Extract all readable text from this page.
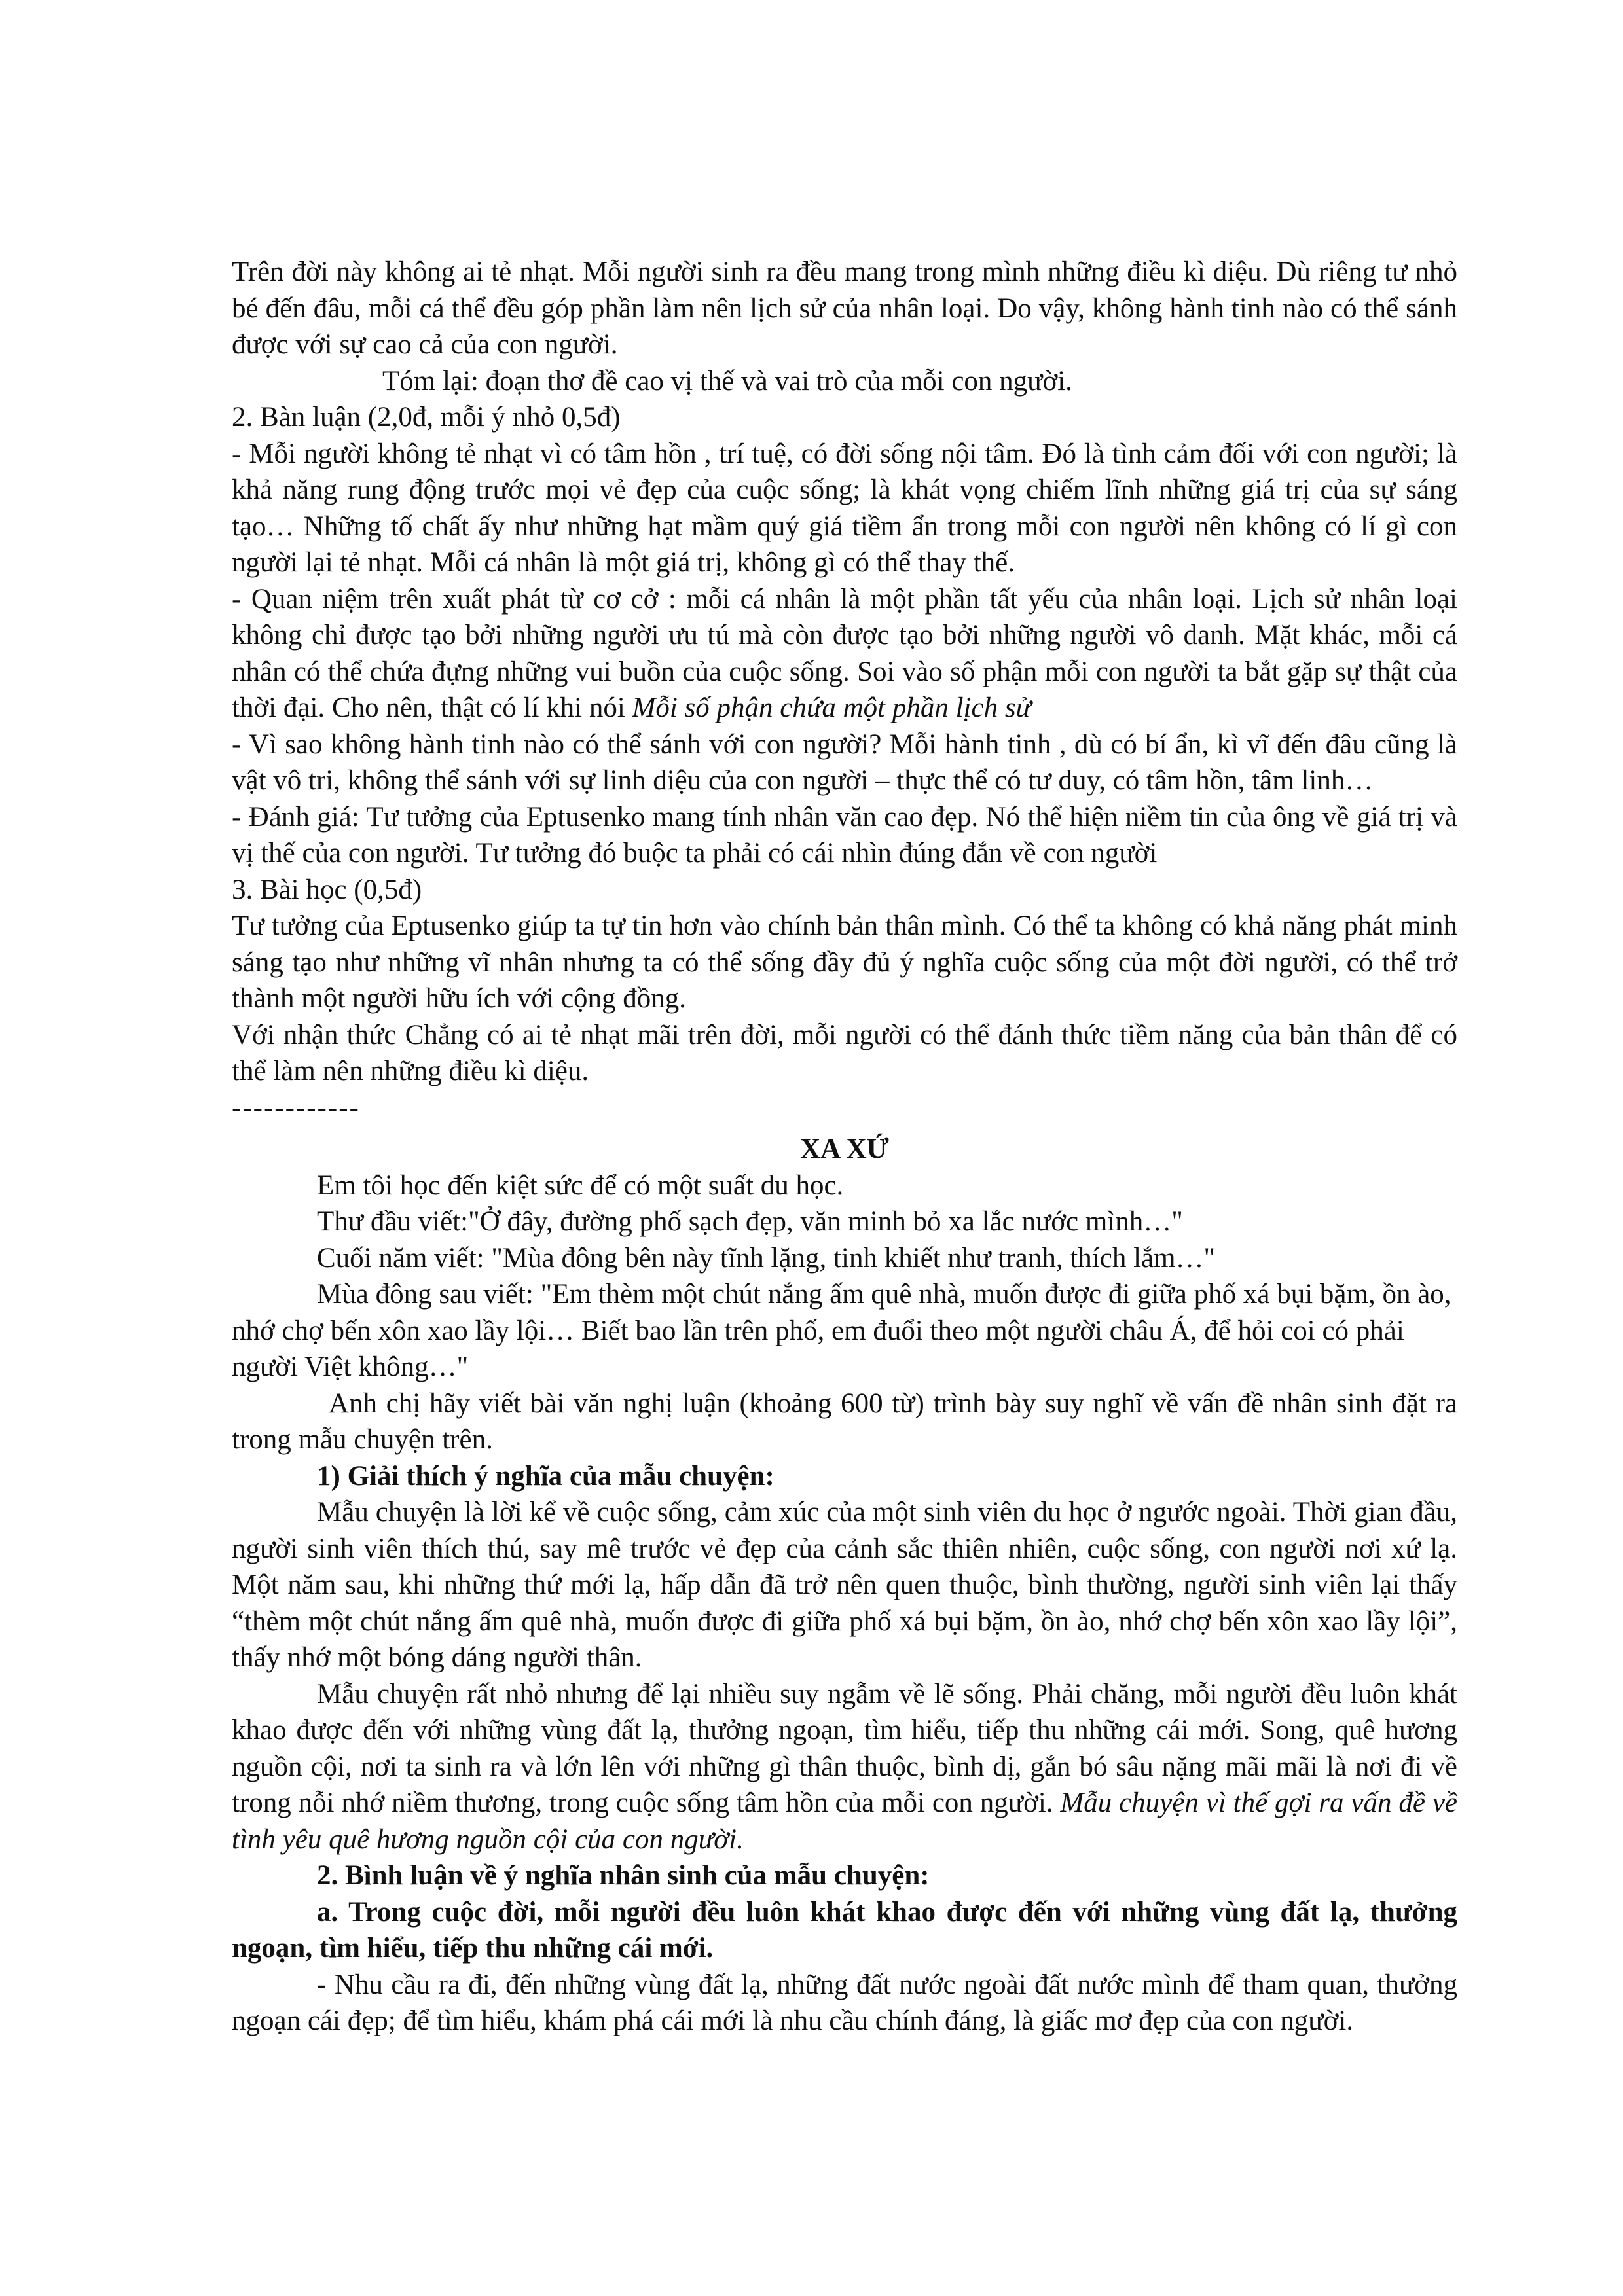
Trên đời này không ai tẻ nhạt. Mỗi người sinh ra đều mang trong mình những điều kì diệu. Dù riêng tư nhỏ bé đến đâu, mỗi cá thể đều góp phần làm nên lịch sử của nhân loại. Do vậy, không hành tinh nào có thể sánh được với sự cao cả của con người.

Tóm lại: đoạn thơ đề cao vị thế và vai trò của mỗi con người.

2. Bàn luận (2,0đ, mỗi ý nhỏ 0,5đ)

- Mỗi người không tẻ nhạt vì có tâm hồn , trí tuệ, có đời sống nội tâm. Đó là tình cảm đối với con người; là khả năng rung động trước mọi vẻ đẹp của cuộc sống; là khát vọng chiếm lĩnh những giá trị của sự sáng tạo… Những tố chất ấy như những hạt mầm quý giá tiềm ẩn trong mỗi con người nên không có lí gì con người lại tẻ nhạt. Mỗi cá nhân là một giá trị, không gì có thể thay thế.

- Quan niệm trên xuất phát từ cơ cở : mỗi cá nhân là một phần tất yếu của nhân loại. Lịch sử nhân loại không chỉ được tạo bởi những người ưu tú mà còn được tạo bởi những người vô danh. Mặt khác, mỗi cá nhân có thể chứa đựng những vui buồn của cuộc sống. Soi vào số phận mỗi con người ta bắt gặp sự thật của thời đại. Cho nên, thật có lí khi nói Mỗi số phận chứa một phần lịch sử

- Vì sao không hành tinh nào có thể sánh với con người? Mỗi hành tinh , dù có bí ẩn, kì vĩ đến đâu cũng là vật vô tri, không thể sánh với sự linh diệu của con người – thực thể có tư duy, có tâm hồn, tâm linh…

- Đánh giá: Tư tưởng của Eptusenko mang tính nhân văn cao đẹp. Nó thể hiện niềm tin của ông về giá trị và vị thế của con người. Tư tưởng đó buộc ta phải có cái nhìn đúng đắn về con người

3. Bài học (0,5đ)

Tư tưởng của Eptusenko giúp ta tự tin hơn vào chính bản thân mình. Có thể ta không có khả năng phát minh sáng tạo như những vĩ nhân nhưng ta có thể sống đầy đủ ý nghĩa cuộc sống của một đời người, có thể trở thành một người hữu ích với cộng đồng.

Với nhận thức Chẳng có ai tẻ nhạt mãi trên đời, mỗi người có thể đánh thức tiềm năng của bản thân để có thể làm nên những điều kì diệu.

------------

XA XỨ

Em tôi học đến kiệt sức để có một suất du học.

Thư đầu viết:"Ở đây, đường phố sạch đẹp, văn minh bỏ xa lắc nước mình…"

Cuối năm viết: "Mùa đông bên này tĩnh lặng, tinh khiết như tranh, thích lắm…"

Mùa đông sau viết: "Em thèm một chút nắng ấm quê nhà, muốn được đi giữa phố xá bụi bặm, ồn ào, nhớ chợ bến xôn xao lầy lội… Biết bao lần trên phố, em đuổi theo một người châu Á, để hỏi coi có phải người Việt không…"

Anh chị hãy viết bài văn nghị luận (khoảng 600 từ) trình bày suy nghĩ về vấn đề nhân sinh đặt ra trong mẫu chuyện trên.

1) Giải thích ý nghĩa của mẫu chuyện:

Mẫu chuyện là lời kể về cuộc sống, cảm xúc của một sinh viên du học ở ngước ngoài. Thời gian đầu, người sinh viên thích thú, say mê trước vẻ đẹp của cảnh sắc thiên nhiên, cuộc sống, con người nơi xứ lạ. Một năm sau, khi những thứ mới lạ, hấp dẫn đã trở nên quen thuộc, bình thường, người sinh viên lại thấy “thèm một chút nắng ấm quê nhà, muốn được đi giữa phố xá bụi bặm, ồn ào, nhớ chợ bến xôn xao lầy lội”, thấy nhớ một bóng dáng người thân.

Mẫu chuyện rất nhỏ nhưng để lại nhiều suy ngẫm về lẽ sống. Phải chăng, mỗi người đều luôn khát khao được đến với những vùng đất lạ, thưởng ngoạn, tìm hiểu, tiếp thu những cái mới. Song, quê hương nguồn cội, nơi ta sinh ra và lớn lên với những gì thân thuộc, bình dị, gắn bó sâu nặng mãi mãi là nơi đi về trong nỗi nhớ niềm thương, trong cuộc sống tâm hồn của mỗi con người. Mẫu chuyện vì thế gợi ra vấn đề về tình yêu quê hương nguồn cội của con người.

2. Bình luận về ý nghĩa nhân sinh của mẫu chuyện:

a. Trong cuộc đời, mỗi người đều luôn khát khao được đến với những vùng đất lạ, thưởng ngoạn, tìm hiểu, tiếp thu những cái mới.

- Nhu cầu ra đi, đến những vùng đất lạ, những đất nước ngoài đất nước mình để tham quan, thưởng ngoạn cái đẹp; để tìm hiểu, khám phá cái mới là nhu cầu chính đáng, là giấc mơ đẹp của con người.
